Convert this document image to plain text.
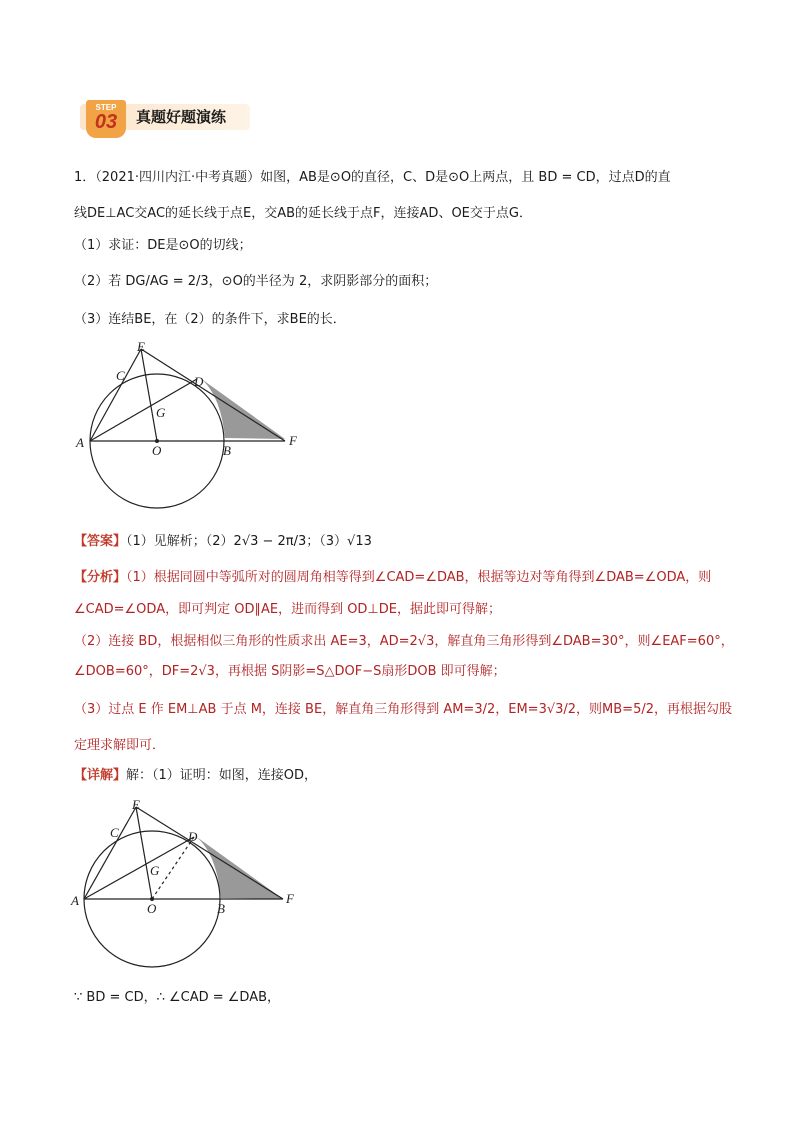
STEP
03	真题好题演练
1．（2021·四川内江·中考真题）如图，AB是⊙O的直径，C、D是⊙O上两点，且 BD = CD，过点D的直
线DE⊥AC交AC的延长线于点E，交AB的延长线于点F，连接AD、OE交于点G．
（1）求证：DE是⊙O的切线；
（2）若 DG/AG = 2/3，⊙O的半径为 2，求阴影部分的面积；
（3）连结BE，在（2）的条件下，求BE的长．
E
C	D
G
A
O	B
F
【答案】（1）见解析；（2）2√3 − 2π/3；（3）√13
【分析】（1）根据同圆中等弧所对的圆周角相等得到∠CAD=∠DAB，根据等边对等角得到∠DAB=∠ODA，则
∠CAD=∠ODA，即可判定 OD∥AE，进而得到 OD⊥DE，据此即可得解；
（2）连接 BD，根据相似三角形的性质求出 AE=3，AD=2√3，解直角三角形得到∠DAB=30°，则∠EAF=60°，
∠DOB=60°，DF=2√3，再根据 S阴影=S△DOF−S扇形DOB 即可得解；
（3）过点 E 作 EM⊥AB 于点 M，连接 BE，解直角三角形得到 AM=3/2，EM=3√3/2，则MB=5/2，再根据勾股
定理求解即可．
【详解】解：（1）证明：如图，连接OD，
E
C	D
G
A
O	B
F
∵ BD = CD，∴ ∠CAD = ∠DAB，
